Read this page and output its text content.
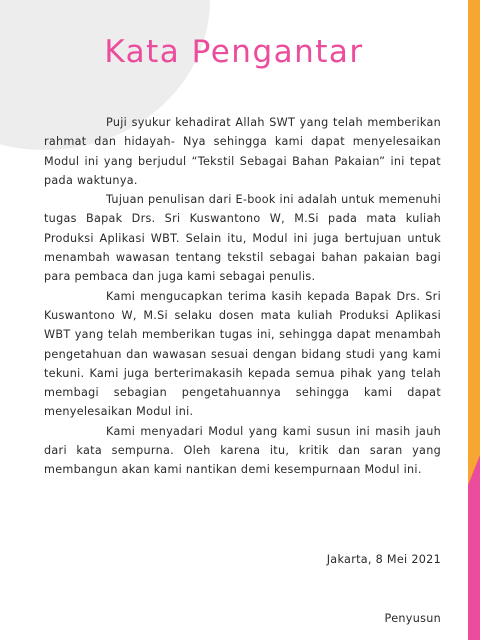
Kata Pengantar

Puji syukur kehadirat Allah SWT yang telah memberikan rahmat dan hidayah- Nya sehingga kami dapat menyelesaikan Modul ini yang berjudul “Tekstil Sebagai Bahan Pakaian” ini tepat pada waktunya.

Tujuan penulisan dari E-book ini adalah untuk memenuhi tugas Bapak Drs. Sri Kuswantono W, M.Si pada mata kuliah Produksi Aplikasi WBT. Selain itu, Modul ini juga bertujuan untuk menambah wawasan tentang tekstil sebagai bahan pakaian bagi para pembaca dan juga kami sebagai penulis.

Kami mengucapkan terima kasih kepada Bapak Drs. Sri Kuswantono W, M.Si selaku dosen mata kuliah Produksi Aplikasi WBT yang telah memberikan tugas ini, sehingga dapat menambah pengetahuan dan wawasan sesuai dengan bidang studi yang kami tekuni. Kami juga berterimakasih kepada semua pihak yang telah membagi sebagian pengetahuannya sehingga kami dapat menyelesaikan Modul ini.

Kami menyadari Modul yang kami susun ini masih jauh dari kata sempurna. Oleh karena itu, kritik dan saran yang membangun akan kami nantikan demi kesempurnaan Modul ini.

Jakarta, 8 Mei 2021
Penyusun
